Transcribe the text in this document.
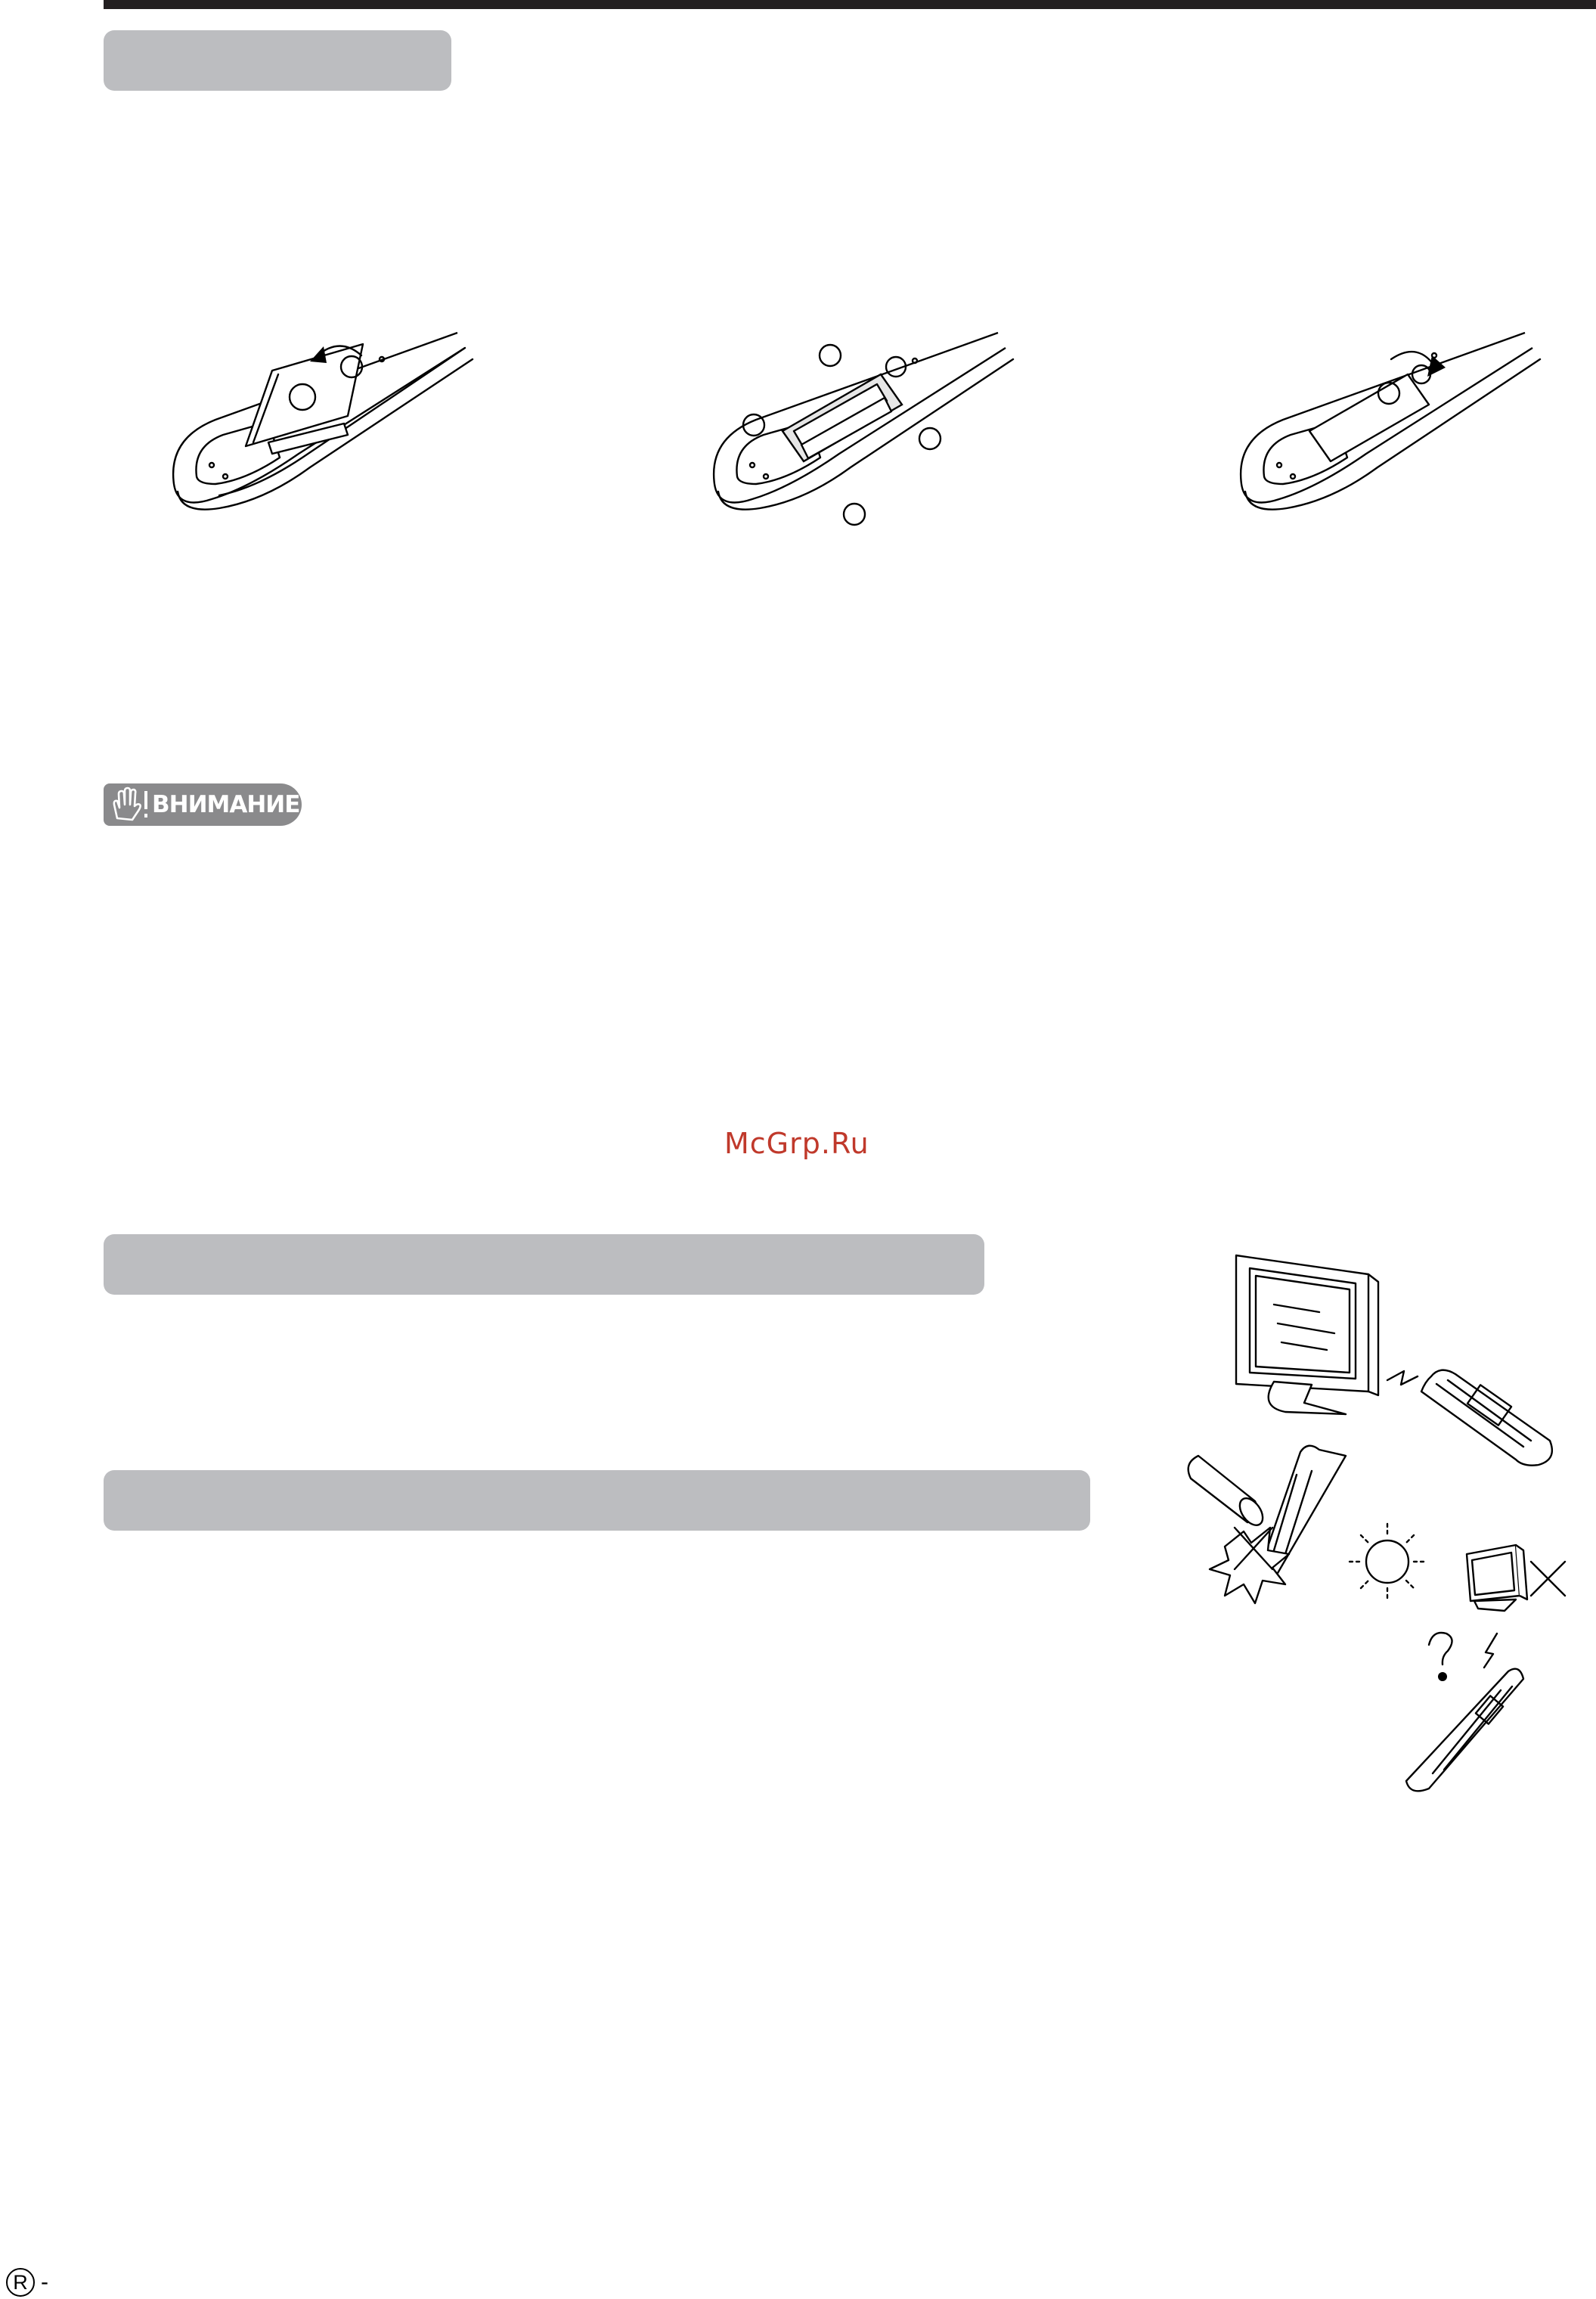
ВНИМАНИЕ
McGrp.Ru
R -
